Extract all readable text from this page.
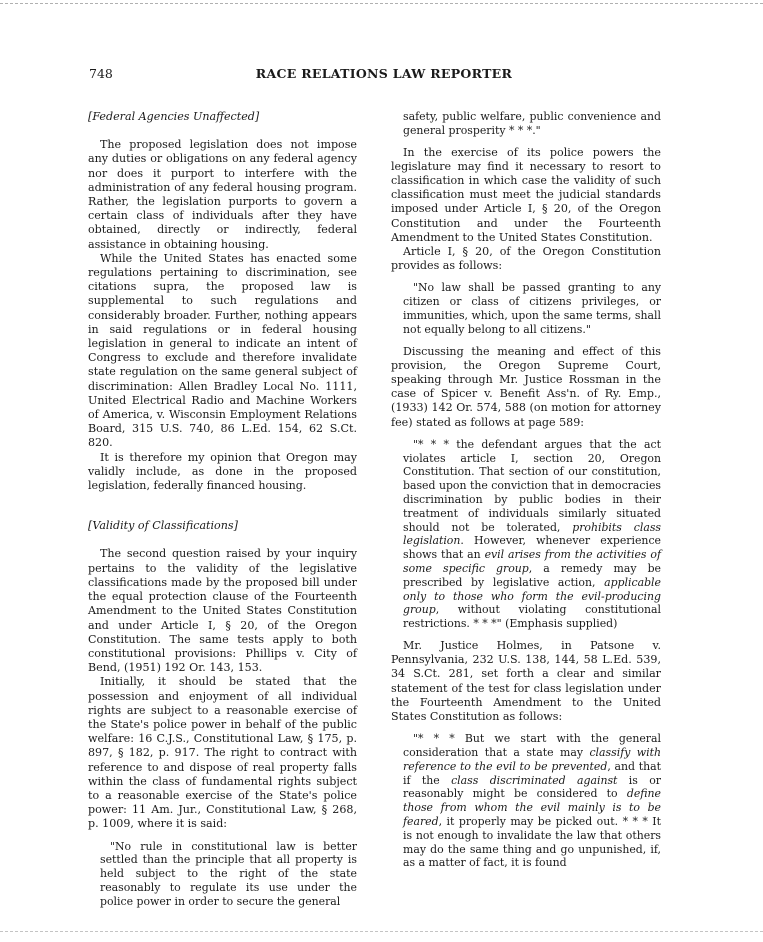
748	RACE RELATIONS LAW REPORTER

[Federal Agencies Unaffected]

The proposed legislation does not impose any duties or obligations on any federal agency nor does it purport to interfere with the administration of any federal housing program. Rather, the legislation purports to govern a certain class of individuals after they have obtained, directly or indirectly, federal assistance in obtaining housing.

While the United States has enacted some regulations pertaining to discrimination, see citations supra, the proposed law is supplemental to such regulations and considerably broader. Further, nothing appears in said regulations or in federal housing legislation in general to indicate an intent of Congress to exclude and therefore invalidate state regulation on the same general subject of discrimination: Allen Bradley Local No. 1111, United Electrical Radio and Machine Workers of America, v. Wisconsin Employment Relations Board, 315 U.S. 740, 86 L.Ed. 154, 62 S.Ct. 820.

It is therefore my opinion that Oregon may validly include, as done in the proposed legislation, federally financed housing.

[Validity of Classifications]

The second question raised by your inquiry pertains to the validity of the legislative classifications made by the proposed bill under the equal protection clause of the Fourteenth Amendment to the United States Constitution and under Article I, § 20, of the Oregon Constitution. The same tests apply to both constitutional provisions: Phillips v. City of Bend, (1951) 192 Or. 143, 153.

Initially, it should be stated that the possession and enjoyment of all individual rights are subject to a reasonable exercise of the State's police power in behalf of the public welfare: 16 C.J.S., Constitutional Law, § 175, p. 897, § 182, p. 917. The right to contract with reference to and dispose of real property falls within the class of fundamental rights subject to a reasonable exercise of the State's police power: 11 Am. Jur., Constitutional Law, § 268, p. 1009, where it is said:

"No rule in constitutional law is better settled than the principle that all property is held subject to the right of the state reasonably to regulate its use under the police power in order to secure the general

safety, public welfare, public convenience and general prosperity * * *."

In the exercise of its police powers the legislature may find it necessary to resort to classification in which case the validity of such classification must meet the judicial standards imposed under Article I, § 20, of the Oregon Constitution and under the Fourteenth Amendment to the United States Constitution.

Article I, § 20, of the Oregon Constitution provides as follows:

"No law shall be passed granting to any citizen or class of citizens privileges, or immunities, which, upon the same terms, shall not equally belong to all citizens."

Discussing the meaning and effect of this provision, the Oregon Supreme Court, speaking through Mr. Justice Rossman in the case of Spicer v. Benefit Ass'n. of Ry. Emp., (1933) 142 Or. 574, 588 (on motion for attorney fee) stated as follows at page 589:

"* * * the defendant argues that the act violates article I, section 20, Oregon Constitution. That section of our constitution, based upon the conviction that in democracies discrimination by public bodies in their treatment of individuals similarly situated should not be tolerated, prohibits class legislation. However, whenever experience shows that an evil arises from the activities of some specific group, a remedy may be prescribed by legislative action, applicable only to those who form the evil-producing group, without violating constitutional restrictions. * * *" (Emphasis supplied)

Mr. Justice Holmes, in Patsone v. Pennsylvania, 232 U.S. 138, 144, 58 L.Ed. 539, 34 S.Ct. 281, set forth a clear and similar statement of the test for class legislation under the Fourteenth Amendment to the United States Constitution as follows:

"* * * But we start with the general consideration that a state may classify with reference to the evil to be prevented, and that if the class discriminated against is or reasonably might be considered to define those from whom the evil mainly is to be feared, it properly may be picked out. * * * It is not enough to invalidate the law that others may do the same thing and go unpunished, if, as a matter of fact, it is found
